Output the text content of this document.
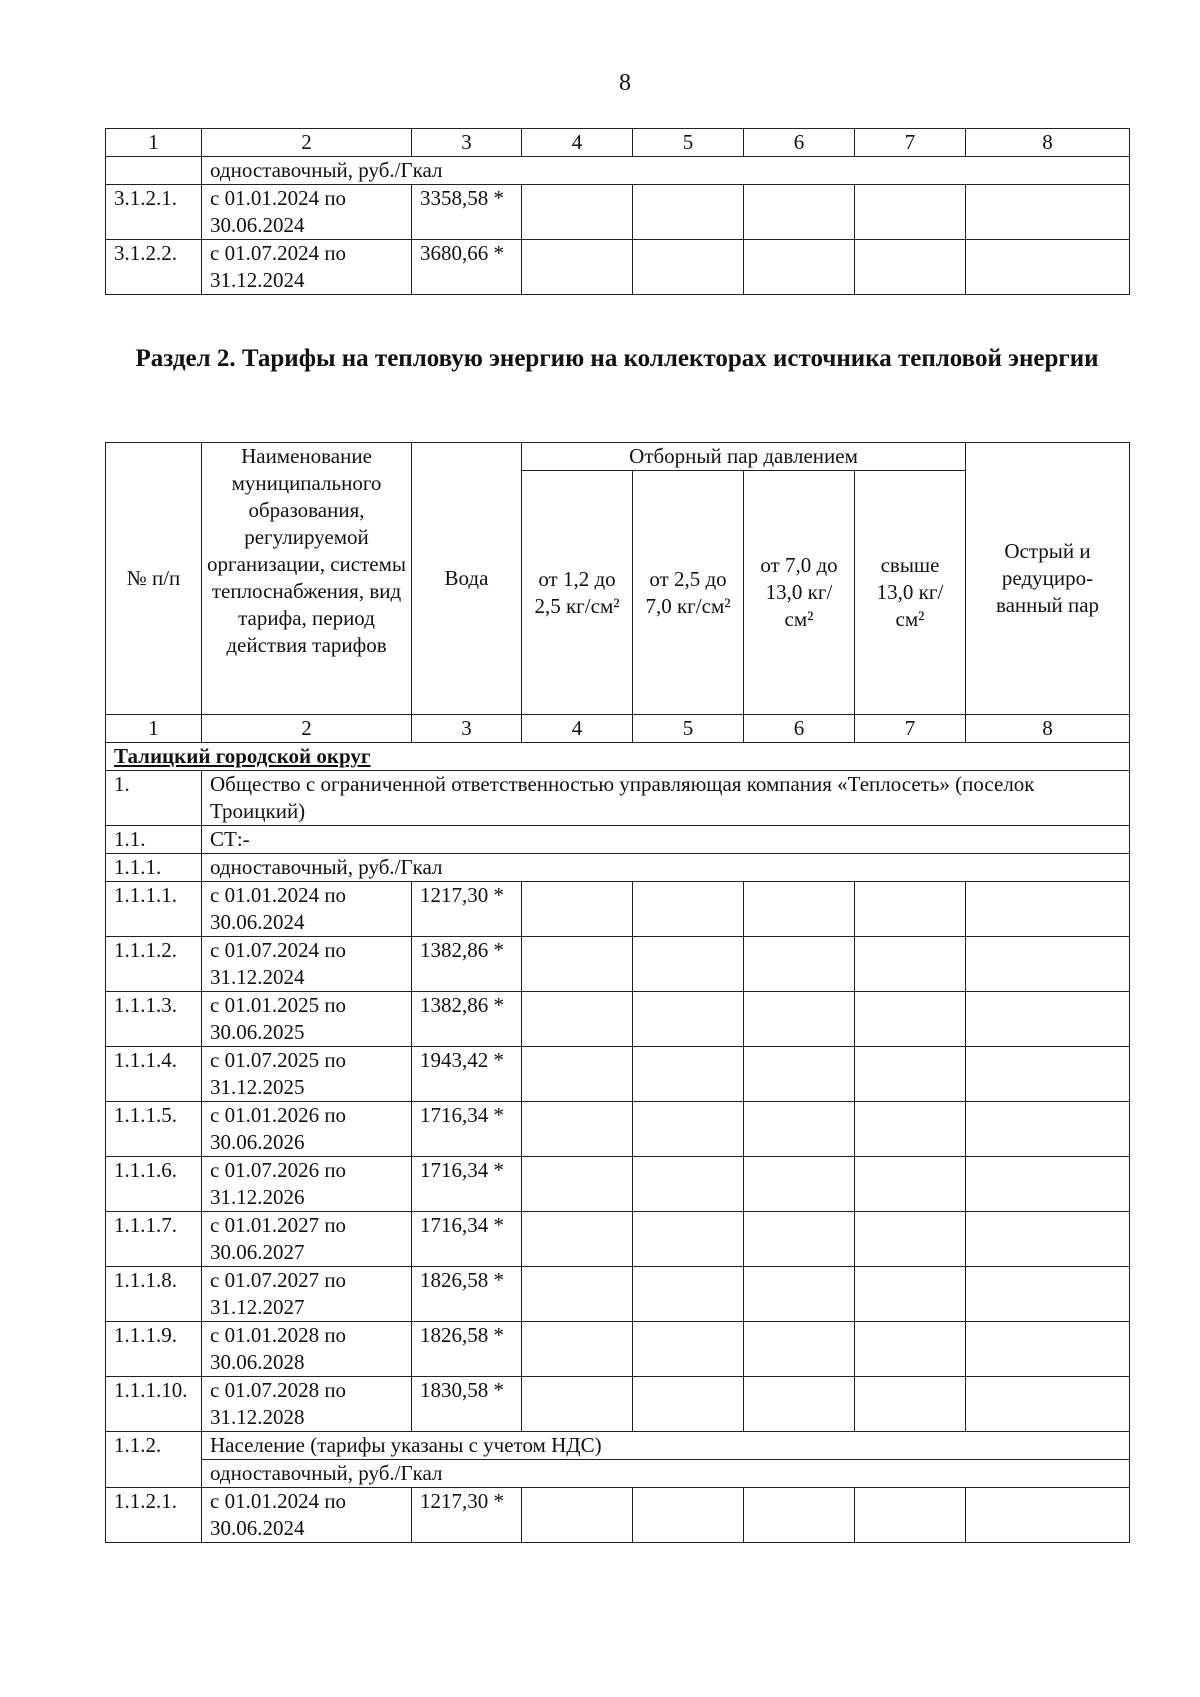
8
1	2	3	4	5	6	7	8
	одноставочный, руб./Гкал						
3.1.2.1.	с 01.01.2024 по 30.06.2024	3358,58 *					
3.1.2.2.	с 01.07.2024 по 31.12.2024	3680,66 *					
Раздел 2. Тарифы на тепловую энергию на коллекторах источника тепловой энергии
№ п/п	Наименование муниципального образования, регулируемой организации, системы теплоснабжения, вид тарифа, период действия тарифов	Вода	Отборный пар давлением				Острый и редуциро-ванный пар
			от 1,2 до 2,5 кг/см²	от 2,5 до 7,0 кг/см²	от 7,0 до 13,0 кг/см²	свыше 13,0 кг/см²	
1	2	3	4	5	6	7	8
Талицкий городской округ							
1.	Общество с ограниченной ответственностью управляющая компания «Теплосеть» (поселок Троицкий)						
1.1.	СТ:-						
1.1.1.	одноставочный, руб./Гкал						
1.1.1.1.	с 01.01.2024 по 30.06.2024	1217,30 *					
1.1.1.2.	с 01.07.2024 по 31.12.2024	1382,86 *					
1.1.1.3.	с 01.01.2025 по 30.06.2025	1382,86 *					
1.1.1.4.	с 01.07.2025 по 31.12.2025	1943,42 *					
1.1.1.5.	с 01.01.2026 по 30.06.2026	1716,34 *					
1.1.1.6.	с 01.07.2026 по 31.12.2026	1716,34 *					
1.1.1.7.	с 01.01.2027 по 30.06.2027	1716,34 *					
1.1.1.8.	с 01.07.2027 по 31.12.2027	1826,58 *					
1.1.1.9.	с 01.01.2028 по 30.06.2028	1826,58 *					
1.1.1.10.	с 01.07.2028 по 31.12.2028	1830,58 *					
1.1.2.	Население (тарифы указаны с учетом НДС)						
	одноставочный, руб./Гкал						
1.1.2.1.	с 01.01.2024 по 30.06.2024	1217,30 *					
